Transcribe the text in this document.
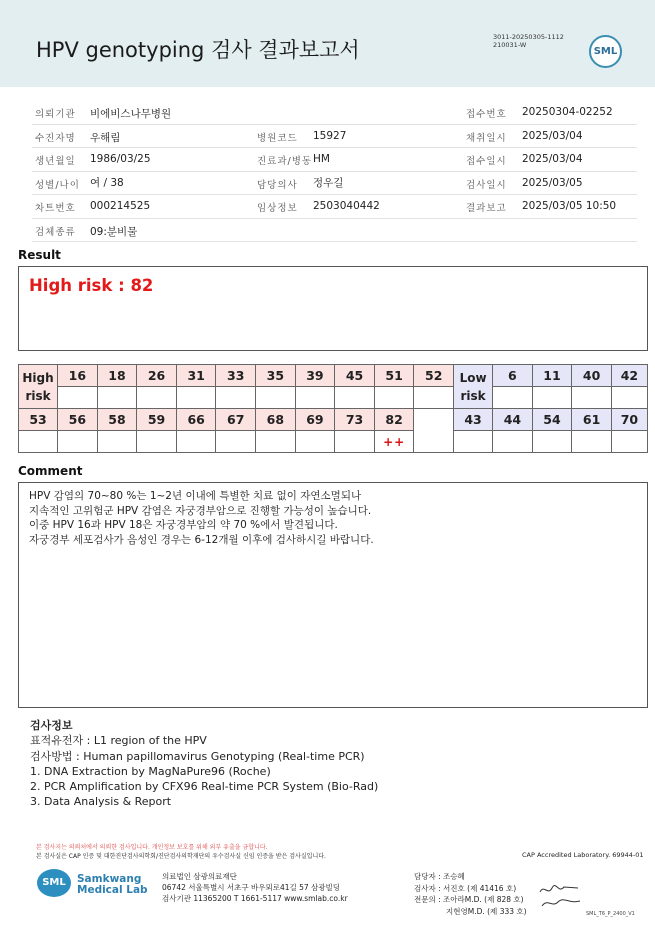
HPV genotyping 검사 결과보고서
3011-20250305-1112
210031-W
SML
의뢰기관 비에비스나무병원	접수번호 20250304-02252
수진자명 우해림	병원코드 15927	채취일시 2025/03/04
생년월일 1986/03/25	진료과/병동 HM	접수일시 2025/03/04
성별/나이 여 / 38	담당의사 정우길	검사일시 2025/03/05
차트번호 000214525	임상정보 2503040442	결과보고 2025/03/05 10:50
검체종류 09:분비물
Result
High risk : 82
High risk	16	18	26	31	33	35	39	45	51	52	Low risk	6	11	40	42

53	56	58	59	66	67	68	69	73	82		43	44	54	61	70
									++						
Comment
HPV 감염의 70~80 %는 1~2년 이내에 특별한 치료 없이 자연소멸되나
지속적인 고위험군 HPV 감염은 자궁경부암으로 진행할 가능성이 높습니다.
이중 HPV 16과 HPV 18은 자궁경부암의 약 70 %에서 발견됩니다.
자궁경부 세포검사가 음성인 경우는 6-12개월 이후에 검사하시길 바랍니다.
검사정보
표적유전자 : L1 region of the HPV
검사방법 : Human papillomavirus Genotyping (Real-time PCR)
1. DNA Extraction by MagNaPure96 (Roche)
2. PCR Amplification by CFX96 Real-time PCR System (Bio-Rad)
3. Data Analysis & Report
본 검사지는 의뢰처에서 의뢰한 검사입니다. 개인정보 보호를 위해 외부 유출을 금합니다.
본 검사실은 CAP 인증 및 대한진단검사의학회/진단검사의학재단의 우수검사실 신임 인증을 받은 검사실입니다.	CAP Accredited Laboratory. 69944-01
SML	Samkwang
Medical Lab
의료법인 삼광의료재단
06742 서울특별시 서초구 바우뫼로41길 57 삼광빌딩
검사기관 11365200 T 1661-5117 www.smlab.co.kr
담당자 : 조승혜
검사자 : 서진호 (제 41416 호)
전문의 : 조아라M.D. (제 828 호)
지현영M.D. (제 333 호)	SML_T6_P_2400_V1
